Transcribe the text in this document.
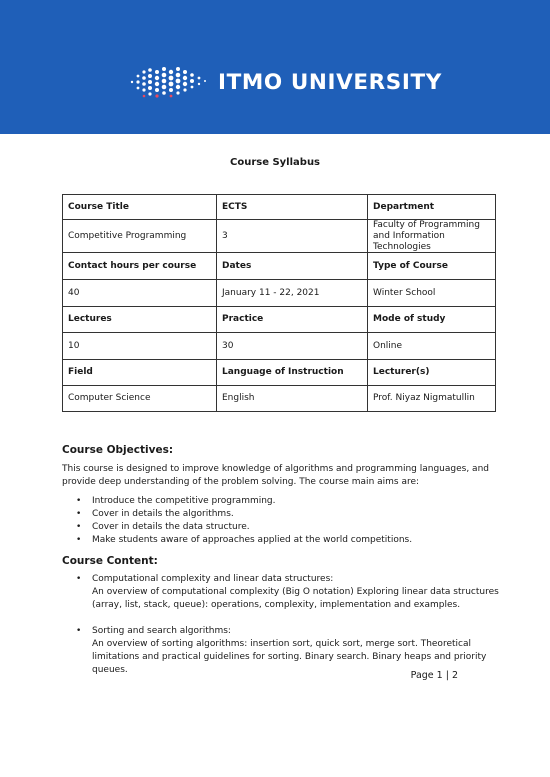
ITMO UNIVERSITY
Course Syllabus
Course Title	ECTS	Department
Competitive Programming	3	Faculty of Programming and Information Technologies
Contact hours per course	Dates	Type of Course
40	January 11 - 22, 2021	Winter School
Lectures	Practice	Mode of study
10	30	Online
Field	Language of Instruction	Lecturer(s)
Computer Science	English	Prof. Niyaz Nigmatullin
Course Objectives:
This course is designed to improve knowledge of algorithms and programming languages, and provide deep understanding of the problem solving. The course main aims are:
• Introduce the competitive programming.
• Cover in details the algorithms.
• Cover in details the data structure.
• Make students aware of approaches applied at the world competitions.
Course Content:
• Computational complexity and linear data structures:
An overview of computational complexity (Big O notation) Exploring linear data structures (array, list, stack, queue): operations, complexity, implementation and examples.
• Sorting and search algorithms:
An overview of sorting algorithms: insertion sort, quick sort, merge sort. Theoretical limitations and practical guidelines for sorting. Binary search. Binary heaps and priority queues.	Page 1 | 2
